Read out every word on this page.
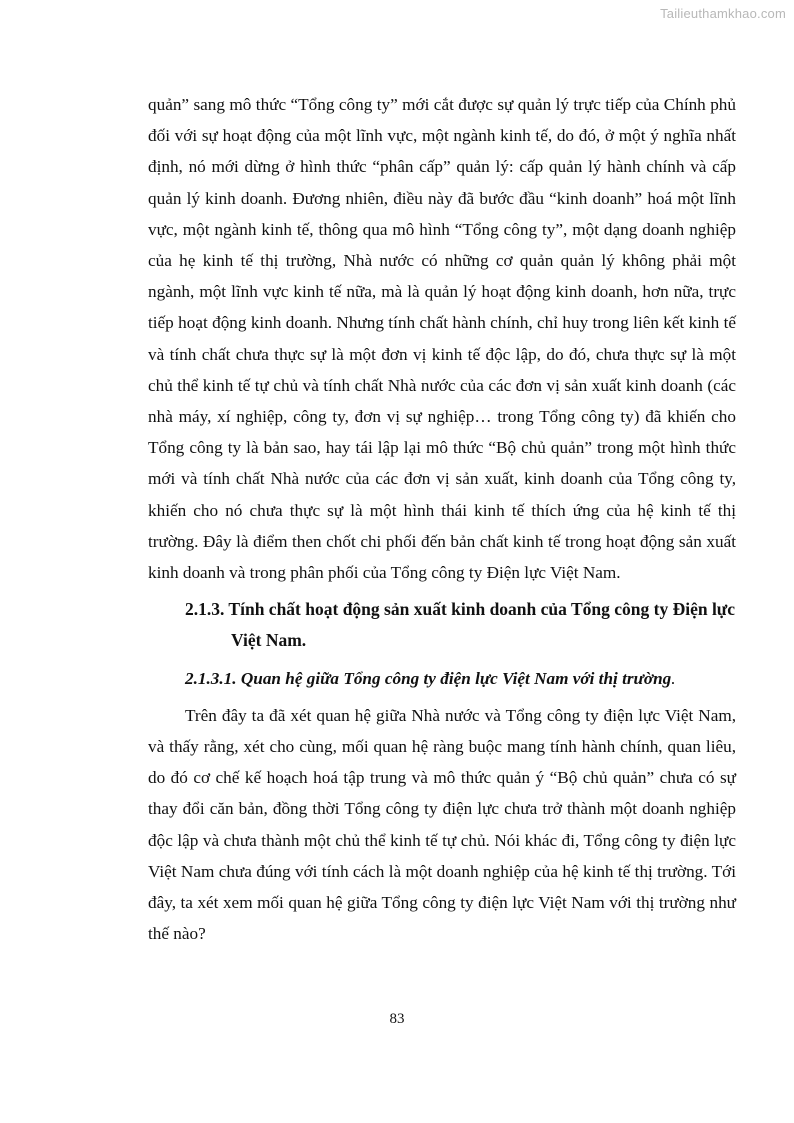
Tailieuthamkhao.com

quản” sang mô thức “Tổng công ty” mới cắt được sự quản lý trực tiếp của Chính phủ đối với sự hoạt động của một lĩnh vực, một ngành kinh tế, do đó, ở một ý nghĩa nhất định, nó mới dừng ở hình thức “phân cấp” quản lý: cấp quản lý hành chính và cấp quản lý kinh doanh. Đương nhiên, điều này đã bước đầu “kinh doanh” hoá một lĩnh vực, một ngành kinh tế, thông qua mô hình “Tổng công ty”, một dạng doanh nghiệp của hẹ kinh tế thị trường, Nhà nước có những cơ quản quản lý không phải một ngành, một lĩnh vực kinh tế nữa, mà là quản lý hoạt động kinh doanh, hơn nữa, trực tiếp hoạt động kinh doanh. Nhưng tính chất hành chính, chỉ huy trong liên kết kinh tế và tính chất chưa thực sự là một đơn vị kinh tế độc lập, do đó, chưa thực sự là một chủ thể kinh tế tự chủ và tính chất Nhà nước của các đơn vị sản xuất kinh doanh (các nhà máy, xí nghiệp, công ty, đơn vị sự nghiệp… trong Tổng công ty) đã khiến cho Tổng công ty là bản sao, hay tái lập lại mô thức “Bộ chủ quản” trong một hình thức mới và tính chất Nhà nước của các đơn vị sản xuất, kinh doanh của Tổng công ty, khiến cho nó chưa thực sự là một hình thái kinh tế thích ứng của hệ kinh tế thị trường. Đây là điểm then chốt chi phối đến bản chất kinh tế trong hoạt động sản xuất kinh doanh và trong phân phối của Tổng công ty Điện lực Việt Nam.

2.1.3. Tính chất hoạt động sản xuất kinh doanh của Tổng công ty Điện lực Việt Nam.

2.1.3.1. Quan hệ giữa Tổng công ty điện lực Việt Nam với thị trường.

Trên đây ta đã xét quan hệ giữa Nhà nước và Tổng công ty điện lực Việt Nam, và thấy rằng, xét cho cùng, mối quan hệ ràng buộc mang tính hành chính, quan liêu, do đó cơ chế kế hoạch hoá tập trung và mô thức quản ý “Bộ chủ quản” chưa có sự thay đổi căn bản, đồng thời Tổng công ty điện lực chưa trở thành một doanh nghiệp độc lập và chưa thành một chủ thể kinh tế tự chủ. Nói khác đi, Tổng công ty điện lực Việt Nam chưa đúng với tính cách là một doanh nghiệp của hệ kinh tế thị trường. Tới đây, ta xét xem mối quan hệ giữa Tổng công ty điện lực Việt Nam với thị trường như thế nào?

83
